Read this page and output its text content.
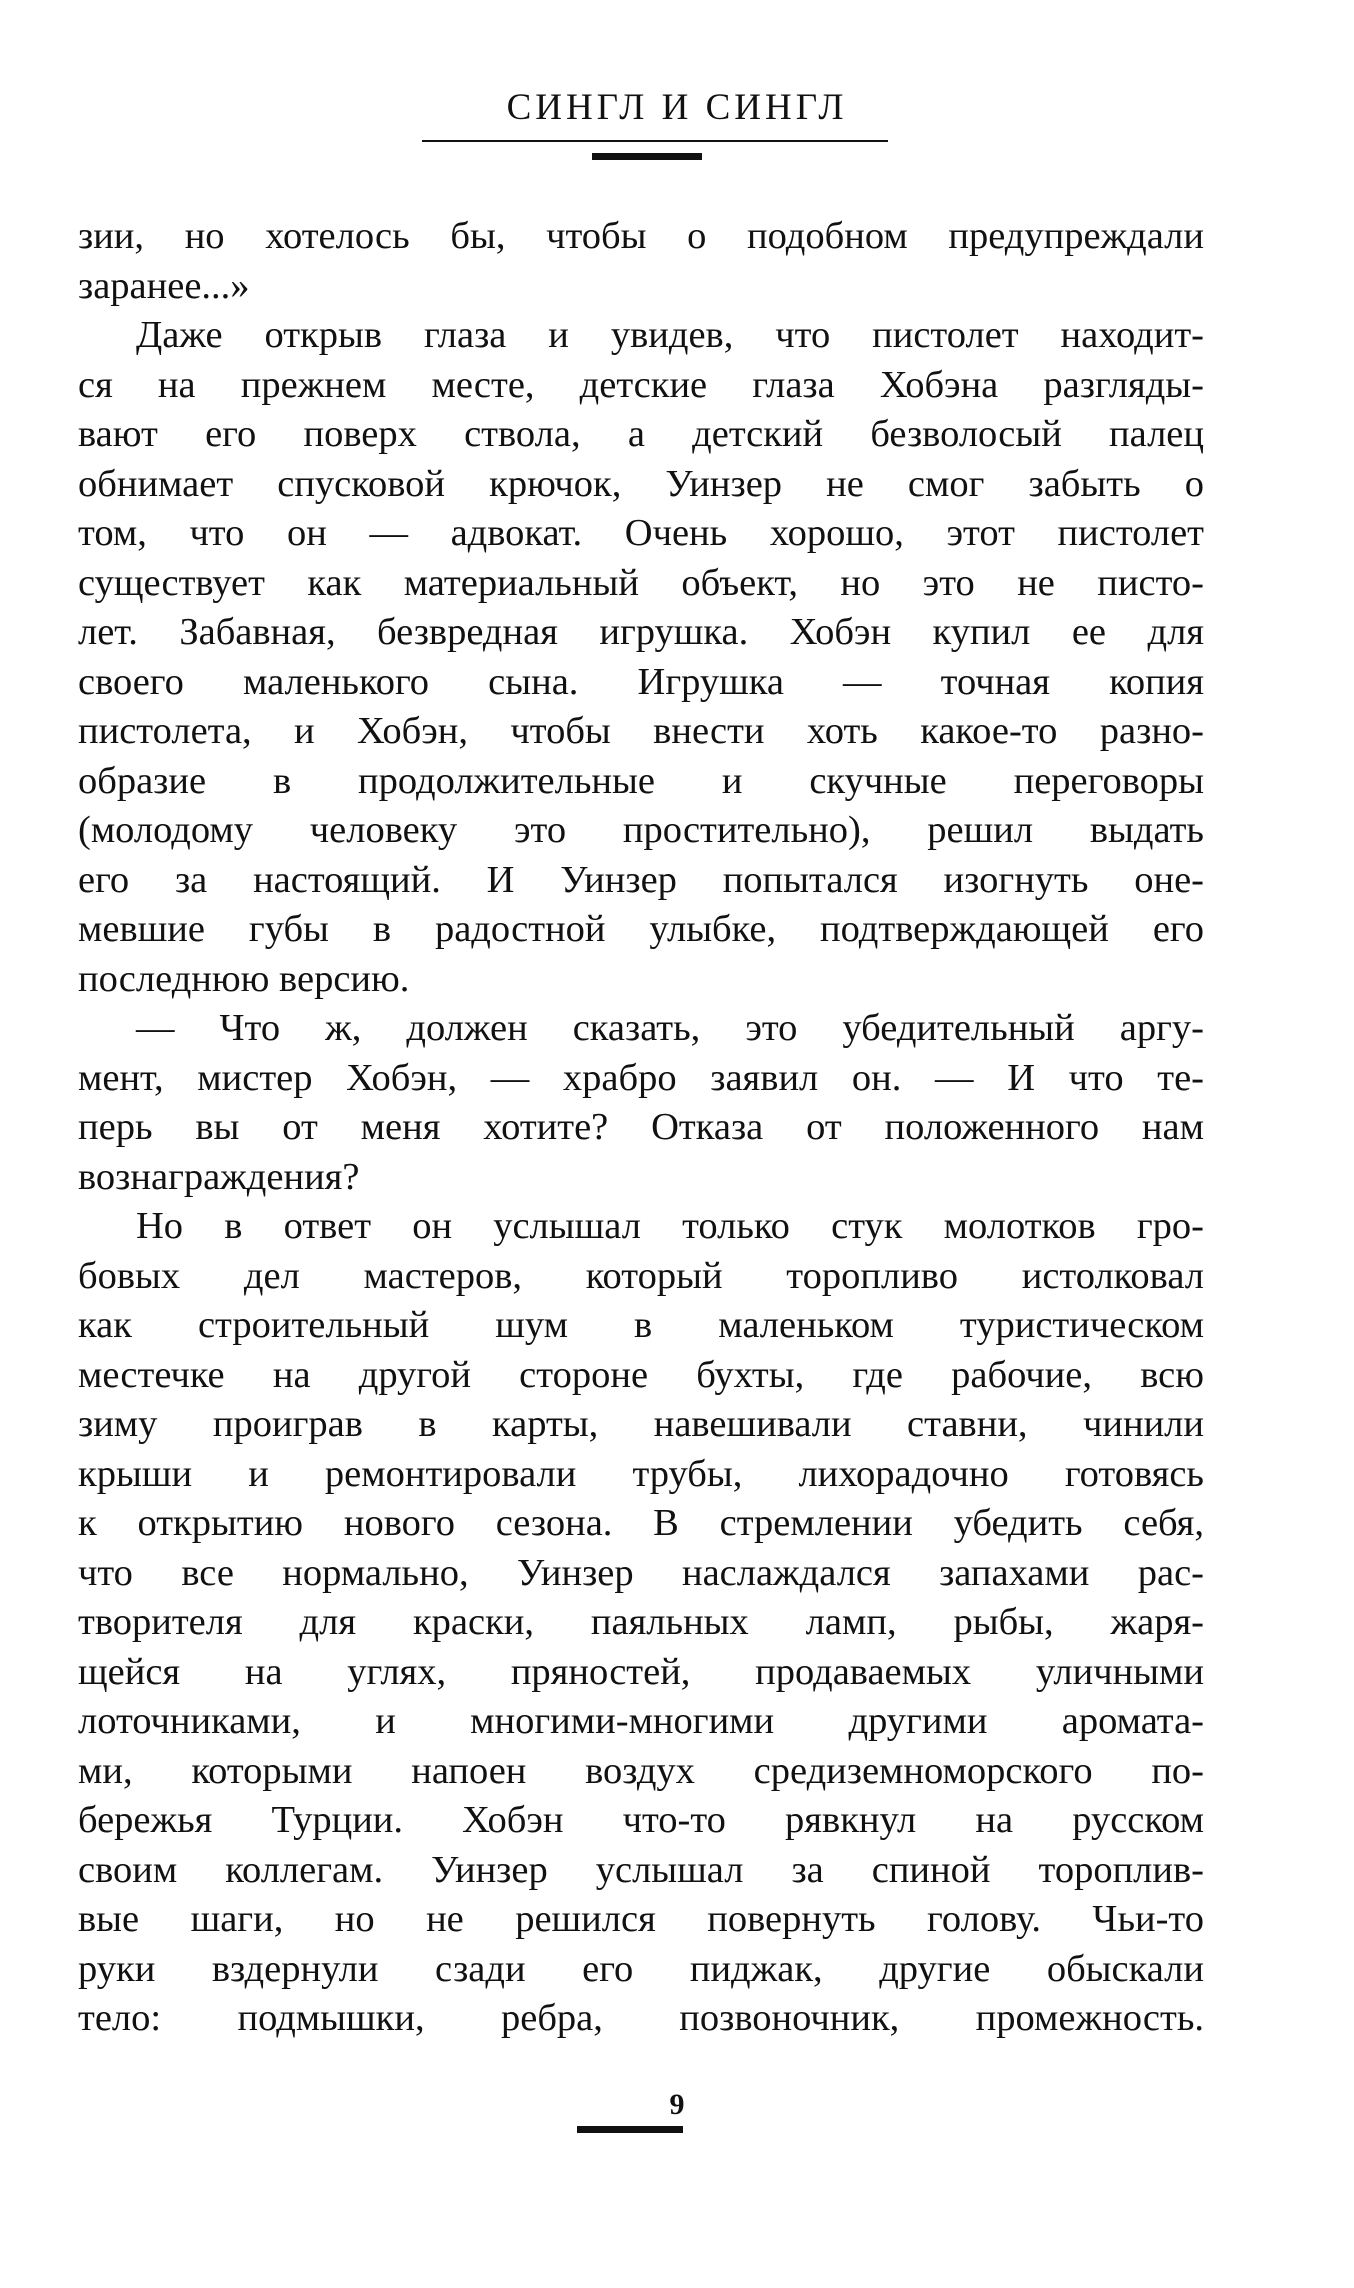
СИНГЛ И СИНГЛ
зии, но хотелось бы, чтобы о подобном предупреждали
заранее...»
Даже открыв глаза и увидев, что пистолет находит-
ся на прежнем месте, детские глаза Хобэна разгляды-
вают его поверх ствола, а детский безволосый палец
обнимает спусковой крючок, Уинзер не смог забыть о
том, что он — адвокат. Очень хорошо, этот пистолет
существует как материальный объект, но это не писто-
лет. Забавная, безвредная игрушка. Хобэн купил ее для
своего маленького сына. Игрушка — точная копия
пистолета, и Хобэн, чтобы внести хоть какое-то разно-
образие в продолжительные и скучные переговоры
(молодому человеку это простительно), решил выдать
его за настоящий. И Уинзер попытался изогнуть оне-
мевшие губы в радостной улыбке, подтверждающей его
последнюю версию.
— Что ж, должен сказать, это убедительный аргу-
мент, мистер Хобэн, — храбро заявил он. — И что те-
перь вы от меня хотите? Отказа от положенного нам
вознаграждения?
Но в ответ он услышал только стук молотков гро-
бовых дел мастеров, который торопливо истолковал
как строительный шум в маленьком туристическом
местечке на другой стороне бухты, где рабочие, всю
зиму проиграв в карты, навешивали ставни, чинили
крыши и ремонтировали трубы, лихорадочно готовясь
к открытию нового сезона. В стремлении убедить себя,
что все нормально, Уинзер наслаждался запахами рас-
творителя для краски, паяльных ламп, рыбы, жаря-
щейся на углях, пряностей, продаваемых уличными
лоточниками, и многими-многими другими аромата-
ми, которыми напоен воздух средиземноморского по-
бережья Турции. Хобэн что-то рявкнул на русском
своим коллегам. Уинзер услышал за спиной тороплив-
вые шаги, но не решился повернуть голову. Чьи-то
руки вздернули сзади его пиджак, другие обыскали
тело: подмышки, ребра, позвоночник, промежность.
9
